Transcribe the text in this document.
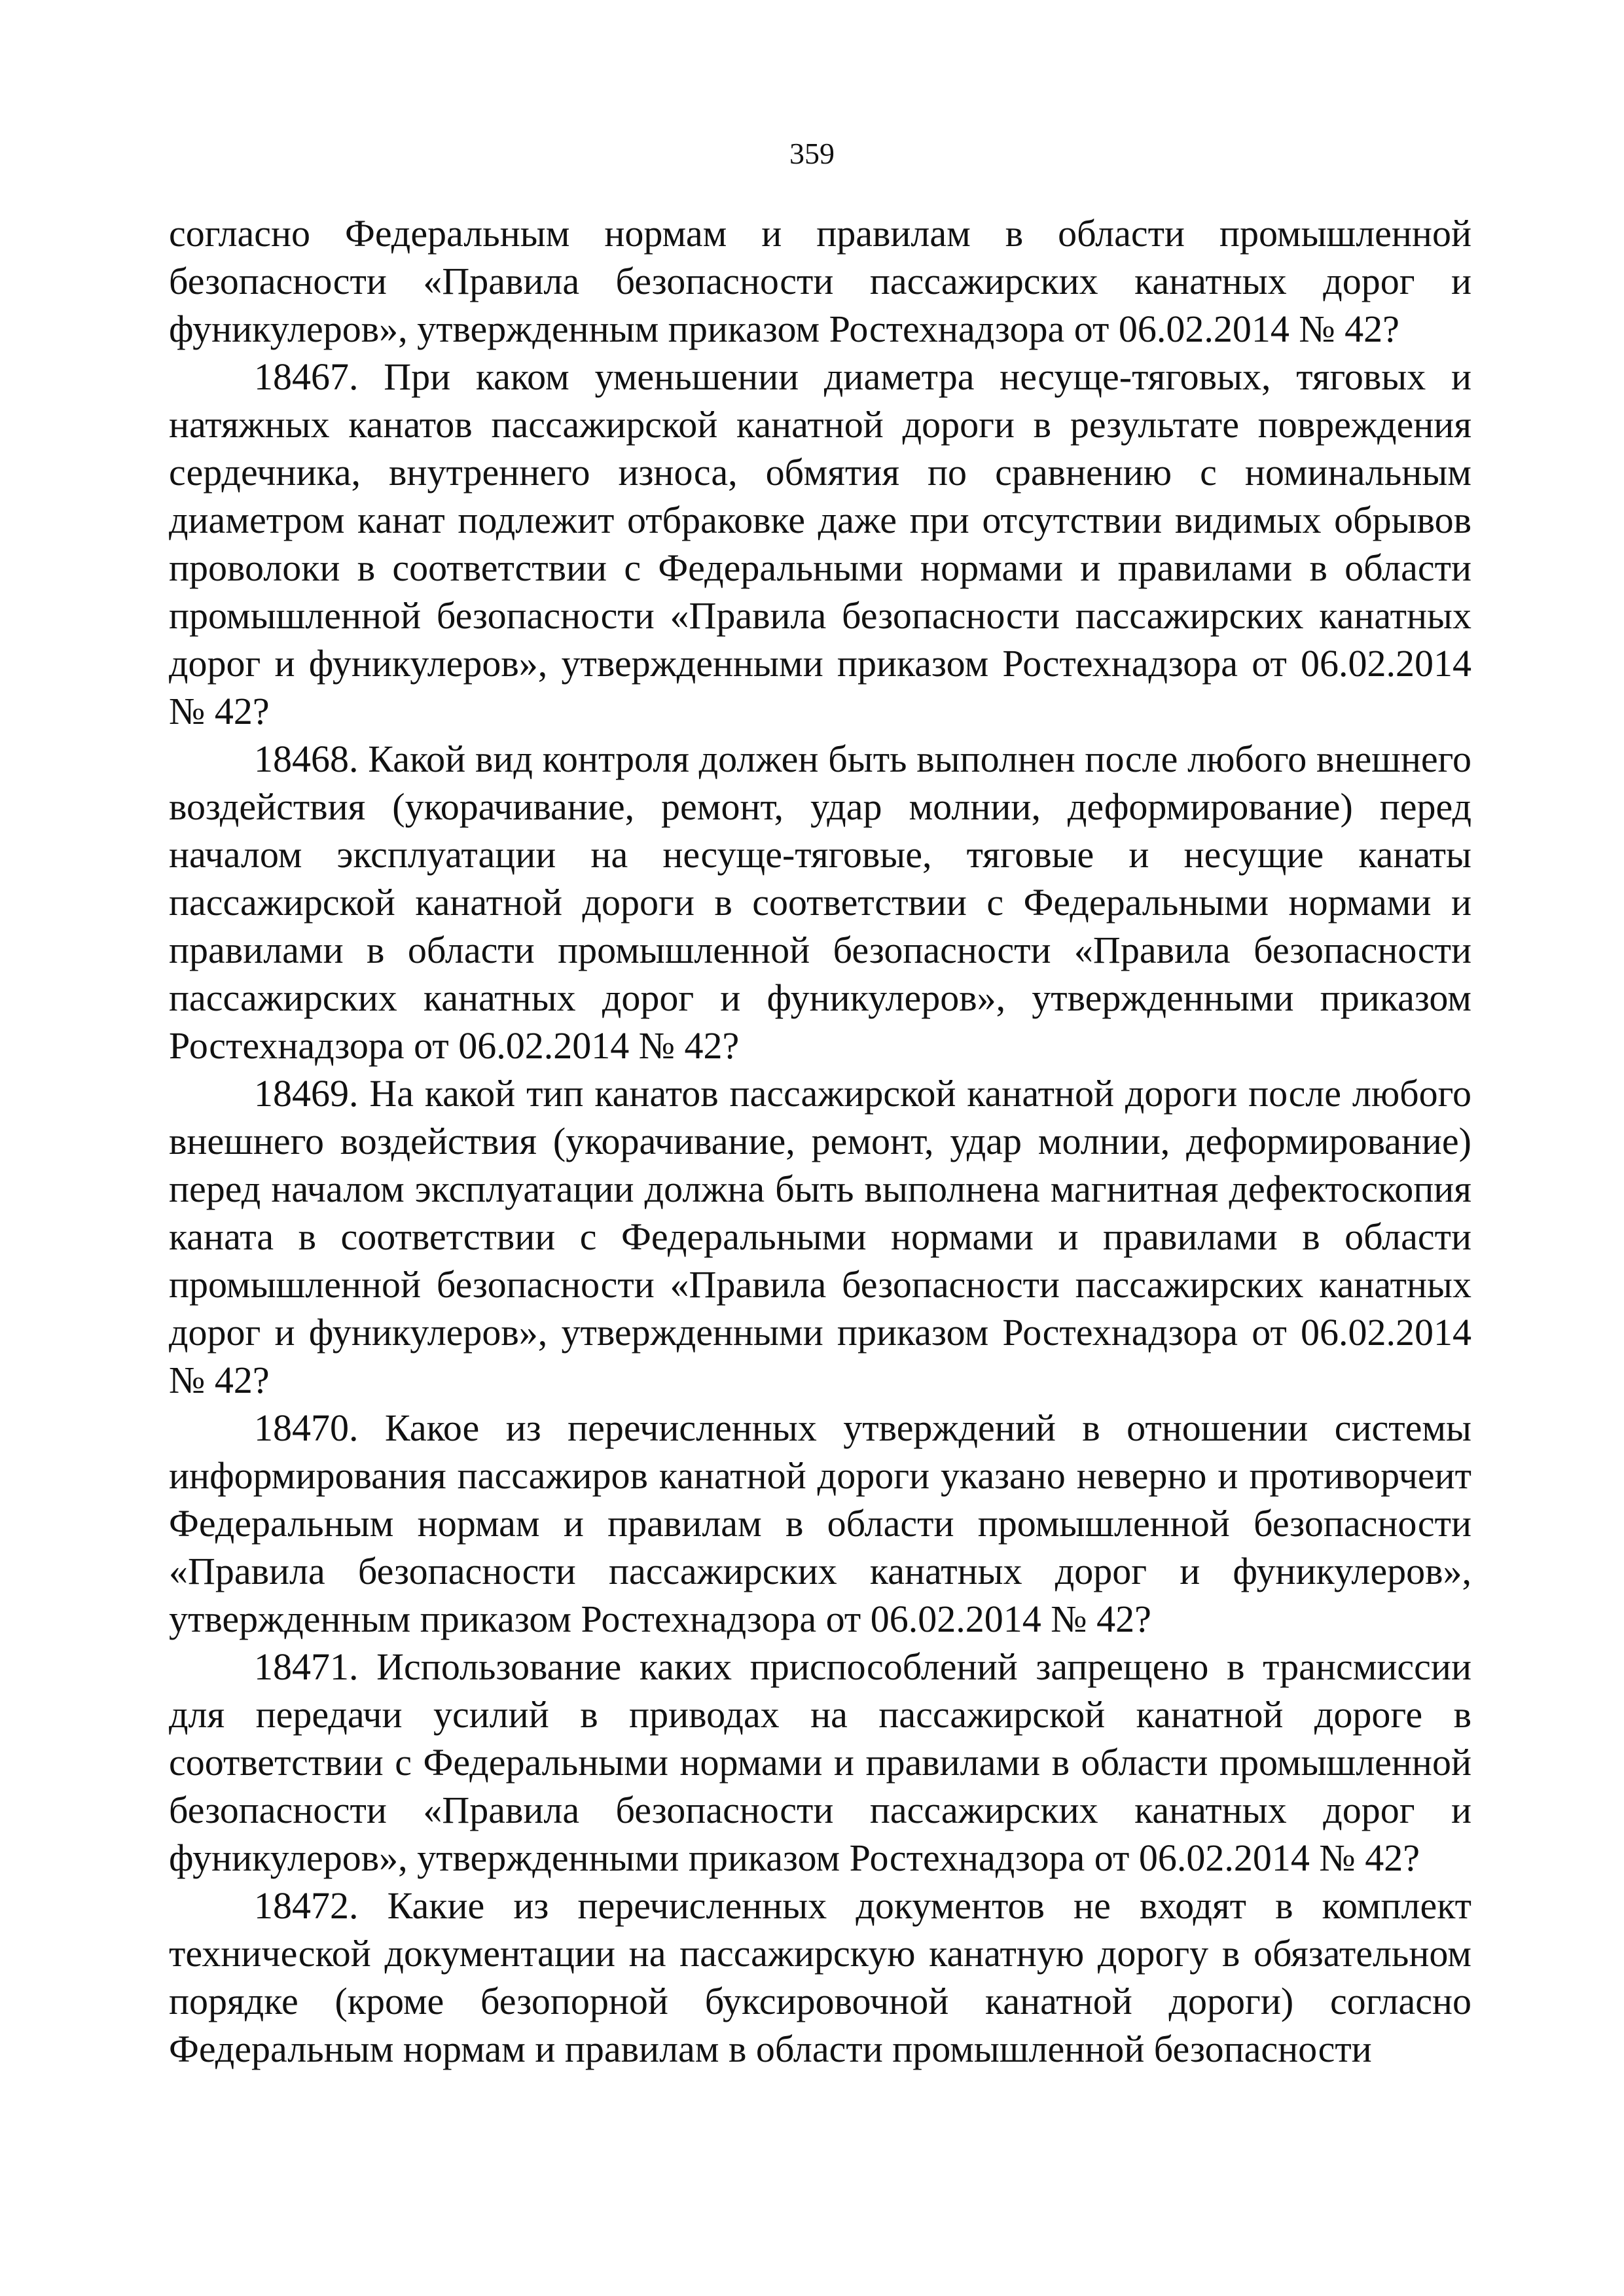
359

согласно Федеральным нормам и правилам в области промышленной безопасности «Правила безопасности пассажирских канатных дорог и фуникулеров», утвержденным приказом Ростехнадзора от 06.02.2014 № 42?

18467. При каком уменьшении диаметра несуще-тяговых, тяговых и натяжных канатов пассажирской канатной дороги в результате повреждения сердечника, внутреннего износа, обмятия по сравнению с номинальным диаметром канат подлежит отбраковке даже при отсутствии видимых обрывов проволоки в соответствии с Федеральными нормами и правилами в области промышленной безопасности «Правила безопасности пассажирских канатных дорог и фуникулеров», утвержденными приказом Ростехнадзора от 06.02.2014 № 42?

18468. Какой вид контроля должен быть выполнен после любого внешнего воздействия (укорачивание, ремонт, удар молнии, деформирование) перед началом эксплуатации на несуще-тяговые, тяговые и несущие канаты пассажирской канатной дороги в соответствии с Федеральными нормами и правилами в области промышленной безопасности «Правила безопасности пассажирских канатных дорог и фуникулеров», утвержденными приказом Ростехнадзора от 06.02.2014 № 42?

18469. На какой тип канатов пассажирской канатной дороги после любого внешнего воздействия (укорачивание, ремонт, удар молнии, деформирование) перед началом эксплуатации должна быть выполнена магнитная дефектоскопия каната в соответствии с Федеральными нормами и правилами в области промышленной безопасности «Правила безопасности пассажирских канатных дорог и фуникулеров», утвержденными приказом Ростехнадзора от 06.02.2014 № 42?

18470. Какое из перечисленных утверждений в отношении системы информирования пассажиров канатной дороги указано неверно и противорчеит Федеральным нормам и правилам в области промышленной безопасности «Правила безопасности пассажирских канатных дорог и фуникулеров», утвержденным приказом Ростехнадзора от 06.02.2014 № 42?

18471. Использование каких приспособлений запрещено в трансмиссии для передачи усилий в приводах на пассажирской канатной дороге в соответствии с Федеральными нормами и правилами в области промышленной безопасности «Правила безопасности пассажирских канатных дорог и фуникулеров», утвержденными приказом Ростехнадзора от 06.02.2014 № 42?

18472. Какие из перечисленных документов не входят в комплект технической документации на пассажирскую канатную дорогу в обязательном порядке (кроме безопорной буксировочной канатной дороги) согласно Федеральным нормам и правилам в области промышленной безопасности
